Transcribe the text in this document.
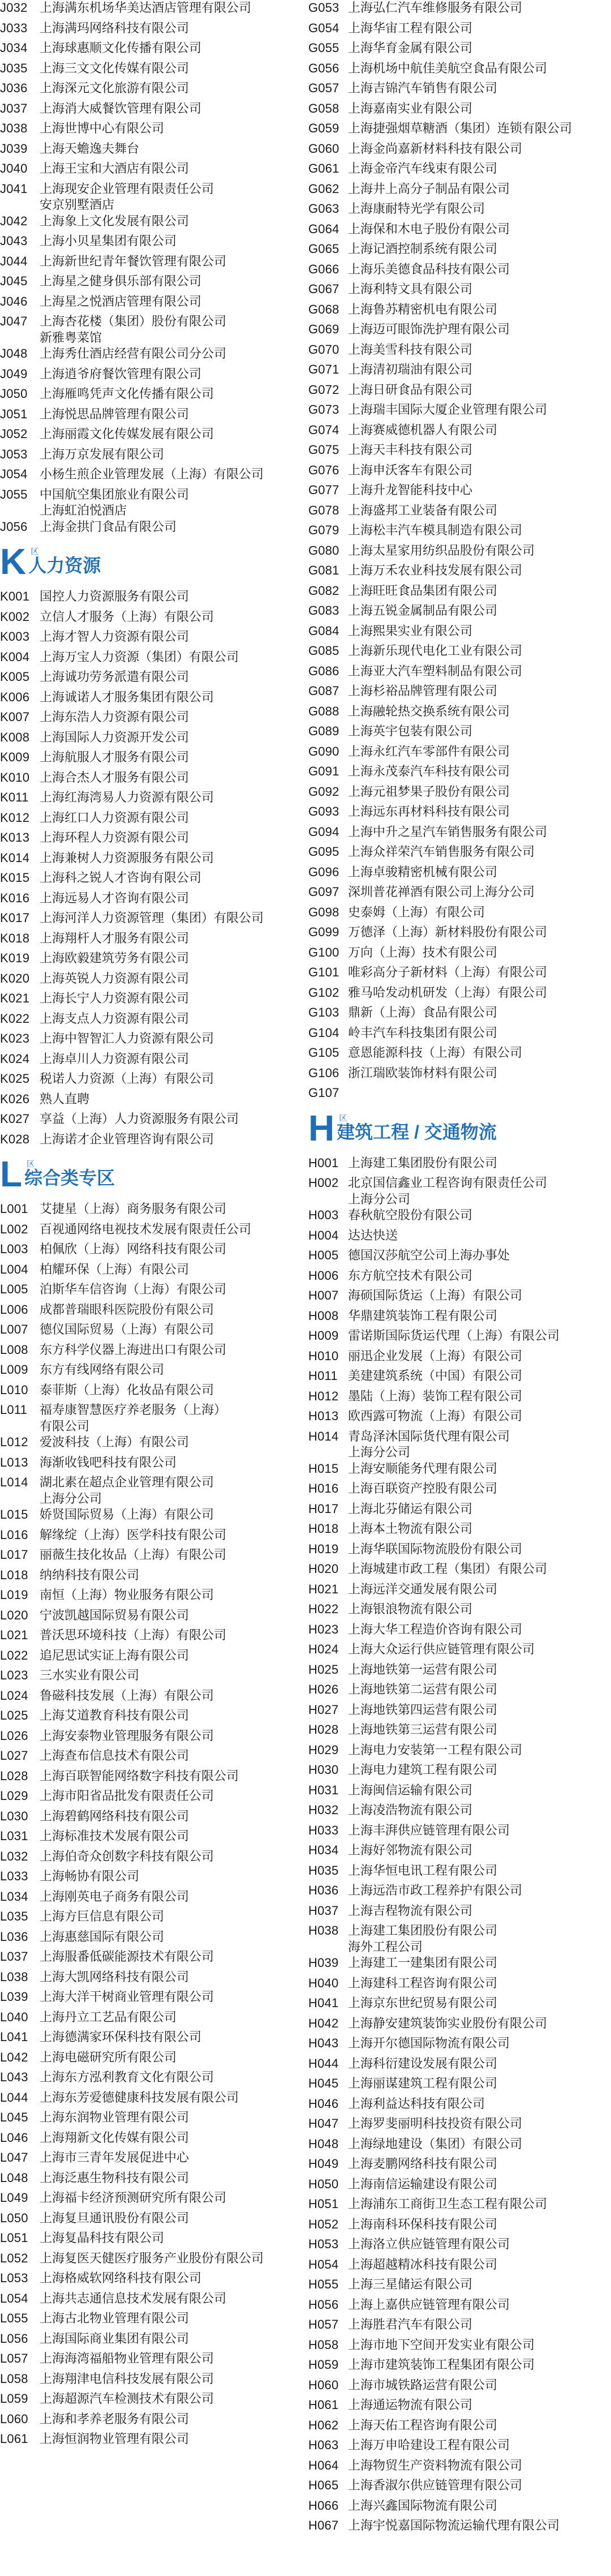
J032 上海满东机场华美达酒店管理有限公司
J033 上海满玛网络科技有限公司
J034 上海球惠顺文化传播有限公司
J035 上海三文文化传媒有限公司
J036 上海深元文化旅游有限公司
J037 上海消大威餐饮管理有限公司
J038 上海世博中心有限公司
J039 上海天蟾逸夫舞台
J040 上海王宝和大酒店有限公司
J041 上海现安企业管理有限责任公司
安京别墅酒店
J042 上海象上文化发展有限公司
J043 上海小贝星集团有限公司
J044 上海新世纪青年餐饮管理有限公司
J045 上海星之健身俱乐部有限公司
J046 上海星之悦酒店管理有限公司
J047 上海杏花楼（集团）股份有限公司
新雅粤菜馆
J048 上海秀仕酒店经营有限公司分公司
J049 上海逍爷府餐饮管理有限公司
J050 上海雁鸣凭声文化传播有限公司
J051 上海悦思品牌管理有限公司
J052 上海丽霞文化传媒发展有限公司
J053 上海万京发展有限公司
J054 小杨生煎企业管理发展（上海）有限公司
J055 中国航空集团旅业有限公司
上海虹泊悦酒店
J056 上海金拱门食品有限公司
K 区
人力资源
K001 国控人力资源服务有限公司
K002 立信人才服务（上海）有限公司
K003 上海才智人力资源有限公司
K004 上海万宝人力资源（集团）有限公司
K005 上海诚功劳务派遣有限公司
K006 上海诚诺人才服务集团有限公司
K007 上海东浩人力资源有限公司
K008 上海国际人力资源开发公司
K009 上海航服人才服务有限公司
K010 上海合杰人才服务有限公司
K011 上海红海湾易人力资源有限公司
K012 上海红口人力资源有限公司
K013 上海环程人力资源有限公司
K014 上海兼树人力资源服务有限公司
K015 上海科之锐人才咨询有限公司
K016 上海远易人才咨询有限公司
K017 上海河洋人力资源管理（集团）有限公司
K018 上海翔杆人才服务有限公司
K019 上海欧毅建筑劳务有限公司
K020 上海英锐人力资源有限公司
K021 上海长宁人力资源有限公司
K022 上海支点人力资源有限公司
K023 上海中智智汇人力资源有限公司
K024 上海卓川人力资源有限公司
K025 税诺人力资源（上海）有限公司
K026 熟人直聘
K027 享益（上海）人力资源服务有限公司
K028 上海诺才企业管理咨询有限公司
L 区
综合类专区
L001 艾捷星（上海）商务服务有限公司
L002 百视通网络电视技术发展有限责任公司
L003 柏佩欣（上海）网络科技有限公司
L004 柏耀环保（上海）有限公司
L005 泊斯华车信咨询（上海）有限公司
L006 成都普瑞眼科医院股份有限公司
L007 德仪国际贸易（上海）有限公司
L008 东方科学仪器上海进出口有限公司
L009 东方有线网络有限公司
L010 泰菲斯（上海）化妆品有限公司
L011 福寿康智慧医疗养老服务（上海）
有限公司
L012 爱波科技（上海）有限公司
L013 海渐收钱吧科技有限公司
L014 湖北素在超点企业管理有限公司
上海分公司
L015 娇贤国际贸易（上海）有限公司
L016 解缘绽（上海）医学科技有限公司
L017 丽薇生技化妆品（上海）有限公司
L018 纳纳科技有限公司
L019 南恒（上海）物业服务有限公司
L020 宁波凯越国际贸易有限公司
L021 普沃思环境科技（上海）有限公司
L022 追尼思试实证上海有限公司
L023 三水实业有限公司
L024 鲁磁科技发展（上海）有限公司
L025 上海艾道教育科技有限公司
L026 上海安泰物业管理服务有限公司
L027 上海查布信息技术有限公司
L028 上海百联智能网络数字科技有限公司
L029 上海市阳省品批发有限责任公司
L030 上海碧鹤网络科技有限公司
L031 上海标准技术发展有限公司
L032 上海伯奇众创数字科技有限公司
L033 上海畅协有限公司
L034 上海刚英电子商务有限公司
L035 上海方巨信息有限公司
L036 上海惠慈国际有限公司
L037 上海服番低碳能源技术有限公司
L038 上海大凯网络科技有限公司
L039 上海大洋干树商业管理有限公司
L040 上海丹立工艺品有限公司
L041 上海德满家环保科技有限公司
L042 上海电磁研究所有限公司
L043 上海东方泓利教育文化有限公司
L044 上海东芳爱德健康科技发展有限公司
L045 上海东润物业管理有限公司
L046 上海翔新文化传媒有限公司
L047 上海市三青年发展促进中心
L048 上海泛惠生物科技有限公司
L049 上海福卡经济预测研究所有限公司
L050 上海复旦通讯股份有限公司
L051 上海复晶科技有限公司
L052 上海复医天健医疗服务产业股份有限公司
L053 上海格威软网络科技有限公司
L054 上海共志通信息技术发展有限公司
L055 上海古北物业管理有限公司
L056 上海国际商业集团有限公司
L057 上海海湾福船物业管理有限公司
L058 上海翔津电信科技发展有限公司
L059 上海超源汽车检测技术有限公司
L060 上海和孝养老服务有限公司
L061 上海恒润物业管理有限公司
G053 上海弘仁汽车维修服务有限公司
G054 上海华宙工程有限公司
G055 上海华育金属有限公司
G056 上海机场中航佳美航空食品有限公司
G057 上海吉锦汽车销售有限公司
G058 上海嘉南实业有限公司
G059 上海捷强烟草糖酒（集团）连锁有限公司
G060 上海金尚嘉新材料科技有限公司
G061 上海金帝汽车线束有限公司
G062 上海井上高分子制品有限公司
G063 上海康耐特光学有限公司
G064 上海保和木电子股份有限公司
G065 上海记酒控制系统有限公司
G066 上海乐美德食品科技有限公司
G067 上海利特文具有限公司
G068 上海鲁苏精密机电有限公司
G069 上海迈可眼饰洗护理有限公司
G070 上海美雪科技有限公司
G071 上海清初瑞油有限公司
G072 上海日研食品有限公司
G073 上海瑞丰国际大厦企业管理有限公司
G074 上海赛威德机器人有限公司
G075 上海天丰科技有限公司
G076 上海申沃客车有限公司
G077 上海升龙智能科技中心
G078 上海盛邦工业装备有限公司
G079 上海松丰汽车模具制造有限公司
G080 上海太星家用纺织品股份有限公司
G081 上海万禾农业科技发展有限公司
G082 上海旺旺食品集团有限公司
G083 上海五锐金属制品有限公司
G084 上海熙果实业有限公司
G085 上海新乐现代电化工业有限公司
G086 上海亚大汽车塑料制品有限公司
G087 上海杉裕品牌管理有限公司
G088 上海融轮热交换系统有限公司
G089 上海英宇包装有限公司
G090 上海永红汽车零部件有限公司
G091 上海永茂泰汽车科技有限公司
G092 上海元祖梦果子股份有限公司
G093 上海远东再材料科技有限公司
G094 上海中升之星汽车销售服务有限公司
G095 上海众祥荣汽车销售服务有限公司
G096 上海卓骏精密机械有限公司
G097 深圳普花禅酒有限公司上海分公司
G098 史泰姆（上海）有限公司
G099 万德泽（上海）新材料股份有限公司
G100 万向（上海）技术有限公司
G101 唯彩高分子新材料（上海）有限公司
G102 雅马哈发动机研发（上海）有限公司
G103 鼎新（上海）食品有限公司
G104 岭丰汽车科技集团有限公司
G105 意恩能源科技（上海）有限公司
G106 浙江瑞欧装饰材料有限公司
G107
H 区
建筑工程 / 交通物流
H001 上海建工集团股份有限公司
H002 北京国信鑫业工程咨询有限责任公司
上海分公司
H003 春秋航空股份有限公司
H004 达达快送
H005 德国汉莎航空公司上海办事处
H006 东方航空技术有限公司
H007 海硕国际货运（上海）有限公司
H008 华鼎建筑装饰工程有限公司
H009 雷诺斯国际货运代理（上海）有限公司
H010 丽迅企业发展（上海）有限公司
H011 美建建筑系统（中国）有限公司
H012 墨陆（上海）装饰工程有限公司
H013 欧西露可物流（上海）有限公司
H014 青岛泽沐国际货代理有限公司
上海分公司
H015 上海安顺能务代理有限公司
H016 上海百联资产控股有限公司
H017 上海北芬储运有限公司
H018 上海本土物流有限公司
H019 上海华联国际物流股份有限公司
H020 上海城建市政工程（集团）有限公司
H021 上海远洋交通发展有限公司
H022 上海银浪物流有限公司
H023 上海大华工程造价咨询有限公司
H024 上海大众运行供应链管理有限公司
H025 上海地铁第一运营有限公司
H026 上海地铁第二运营有限公司
H027 上海地铁第四运营有限公司
H028 上海地铁第三运营有限公司
H029 上海电力安装第一工程有限公司
H030 上海电力建筑工程有限公司
H031 上海闽信运输有限公司
H032 上海凌浩物流有限公司
H033 上海丰湃供应链管理有限公司
H034 上海好邻物流有限公司
H035 上海华恒电讯工程有限公司
H036 上海远浩市政工程养护有限公司
H037 上海吉程物流有限公司
H038 上海建工集团股份有限公司
海外工程公司
H039 上海建工一建集团有限公司
H040 上海建科工程咨询有限公司
H041 上海京东世纪贸易有限公司
H042 上海静安建筑装饰实业股份有限公司
H043 上海开尔德国际物流有限公司
H044 上海科衍建设发展有限公司
H045 上海丽谋建筑工程有限公司
H046 上海利益达科技有限公司
H047 上海罗斐丽明科技投资有限公司
H048 上海绿地建设（集团）有限公司
H049 上海麦鹏网络科技有限公司
H050 上海南信运输建设有限公司
H051 上海浦东工商街卫生态工程有限公司
H052 上海南科环保科技有限公司
H053 上海洛立供应链管理有限公司
H054 上海超越精冰科技有限公司
H055 上海三星储运有限公司
H056 上海上嘉供应链管理有限公司
H057 上海胜君汽车有限公司
H058 上海市地下空间开发实业有限公司
H059 上海市建筑装饰工程集团有限公司
H060 上海市城铁路运营有限公司
H061 上海通运物流有限公司
H062 上海天佑工程咨询有限公司
H063 上海万申哈建设工程有限公司
H064 上海物贸生产资料物流有限公司
H065 上海香淑尔供应链管理有限公司
H066 上海兴鑫国际物流有限公司
H067 上海宇悦嘉国际物流运输代理有限公司
